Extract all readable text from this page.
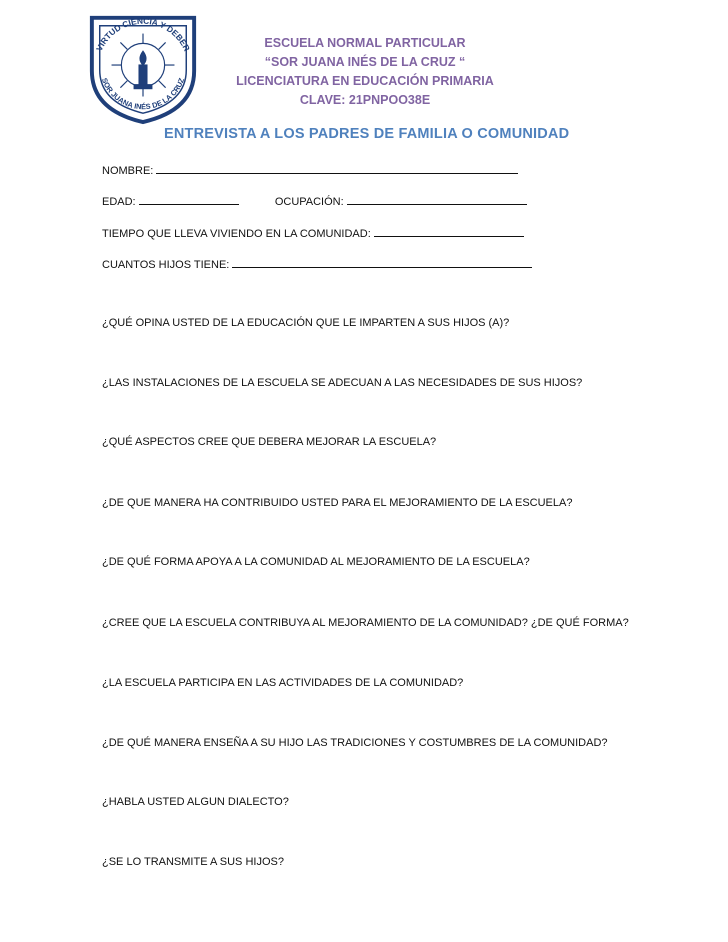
VIRTUD CIENCIA Y DEBER
SOR JUANA INÉS DE LA CRUZ
ESCUELA NORMAL PARTICULAR
“SOR JUANA INÉS DE LA CRUZ “
LICENCIATURA EN EDUCACIÓN PRIMARIA
CLAVE: 21PNPOO38E
ENTREVISTA A LOS PADRES DE FAMILIA O COMUNIDAD
NOMBRE:
EDAD:	OCUPACIÓN:
TIEMPO QUE LLEVA VIVIENDO EN LA COMUNIDAD:
CUANTOS HIJOS TIENE:
¿QUÉ OPINA USTED DE LA EDUCACIÓN QUE LE IMPARTEN A SUS HIJOS (A)?
¿LAS INSTALACIONES DE LA ESCUELA SE ADECUAN A LAS NECESIDADES DE SUS HIJOS?
¿QUÉ ASPECTOS CREE QUE DEBERA MEJORAR LA ESCUELA?
¿DE QUE MANERA HA CONTRIBUIDO USTED PARA EL MEJORAMIENTO DE LA ESCUELA?
¿DE QUÉ FORMA APOYA A LA COMUNIDAD AL MEJORAMIENTO DE LA ESCUELA?
¿CREE QUE LA ESCUELA CONTRIBUYA AL MEJORAMIENTO DE LA COMUNIDAD? ¿DE QUÉ FORMA?
¿LA ESCUELA PARTICIPA EN LAS ACTIVIDADES DE LA COMUNIDAD?
¿DE QUÉ MANERA ENSEÑA A SU HIJO LAS TRADICIONES Y COSTUMBRES DE LA COMUNIDAD?
¿HABLA USTED ALGUN DIALECTO?
¿SE LO TRANSMITE A SUS HIJOS?
